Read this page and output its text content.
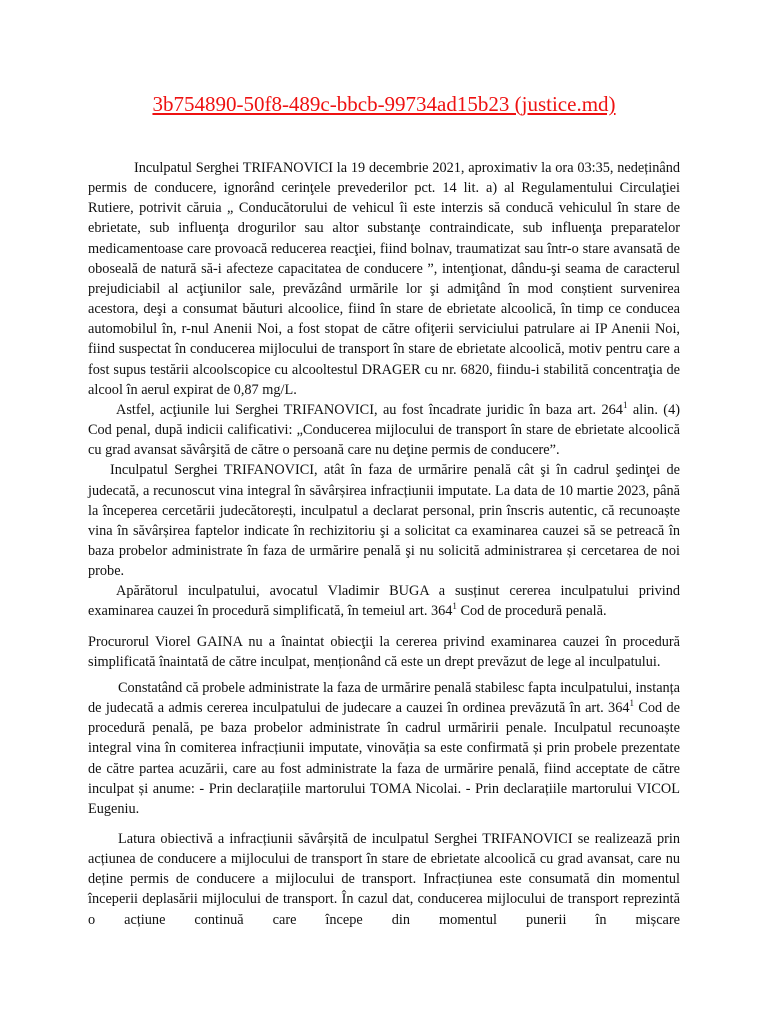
3b754890-50f8-489c-bbcb-99734ad15b23 (justice.md)

Inculpatul Serghei TRIFANOVICI la 19 decembrie 2021, aproximativ la ora 03:35, nedeținând permis de conducere, ignorând cerinţele prevederilor pct. 14 lit. a) al Regulamentului Circulaţiei Rutiere, potrivit căruia „ Conducătorului de vehicul îi este interzis să conducă vehiculul în stare de ebrietate, sub influenţa drogurilor sau altor substanţe contraindicate, sub influenţa preparatelor medicamentoase care provoacă reducerea reacţiei, fiind bolnav, traumatizat sau într-o stare avansată de oboseală de natură să-i afecteze capacitatea de conducere ”, intenţionat, dându-şi seama de caracterul prejudiciabil al acţiunilor sale, prevăzând urmările lor şi admiţând în mod conștient survenirea acestora, deşi a consumat băuturi alcoolice, fiind în stare de ebrietate alcoolică, în timp ce conducea automobilul în, r-nul Anenii Noi, a fost stopat de către ofiţerii serviciului patrulare ai IP Anenii Noi, fiind suspectat în conducerea mijlocului de transport în stare de ebrietate alcoolică, motiv pentru care a fost supus testării alcoolscopice cu alcooltestul DRAGER cu nr. 6820, fiindu-i stabilită concentraţia de alcool în aerul expirat de 0,87 mg/L.

Astfel, acţiunile lui Serghei TRIFANOVICI, au fost încadrate juridic în baza art. $264^1$ alin. (4) Cod penal, după indicii calificativi: „Conducerea mijlocului de transport în stare de ebrietate alcoolică cu grad avansat săvârşită de către o persoană care nu deţine permis de conducere”.

Inculpatul Serghei TRIFANOVICI, atât în faza de urmărire penală cât şi în cadrul şedinţei de judecată, a recunoscut vina integral în săvârșirea infracțiunii imputate. La data de 10 martie 2023, până la începerea cercetării judecătorești, inculpatul a declarat personal, prin înscris autentic, că recunoaște vina în săvârșirea faptelor indicate în rechizitoriu şi a solicitat ca examinarea cauzei să se petreacă în baza probelor administrate în faza de urmărire penală şi nu solicită administrarea și cercetarea de noi probe.

Apărătorul inculpatului, avocatul Vladimir BUGA a susținut cererea inculpatului privind examinarea cauzei în procedură simplificată, în temeiul art. $364^1$ Cod de procedură penală.

Procurorul Viorel GAINA nu a înaintat obiecţii la cererea privind examinarea cauzei în procedură simplificată înaintată de către inculpat, menționând că este un drept prevăzut de lege al inculpatului.

Constatând că probele administrate la faza de urmărire penală stabilesc fapta inculpatului, instanța de judecată a admis cererea inculpatului de judecare a cauzei în ordinea prevăzută în art. $364^1$ Cod de procedură penală, pe baza probelor administrate în cadrul urmăririi penale. Inculpatul recunoaște integral vina în comiterea infracțiunii imputate, vinovăția sa este confirmată și prin probele prezentate de către partea acuzării, care au fost administrate la faza de urmărire penală, fiind acceptate de către inculpat și anume: - Prin declarațiile martorului TOMA Nicolai. - Prin declarațiile martorului VICOL Eugeniu.

Latura obiectivă a infracțiunii săvârșită de inculpatul Serghei TRIFANOVICI se realizează prin acțiunea de conducere a mijlocului de transport în stare de ebrietate alcoolică cu grad avansat, care nu deține permis de conducere a mijlocului de transport. Infracțiunea este consumată din momentul începerii deplasării mijlocului de transport. În cazul dat, conducerea mijlocului de transport reprezintă o acțiune continuă care începe din momentul punerii în mișcare
